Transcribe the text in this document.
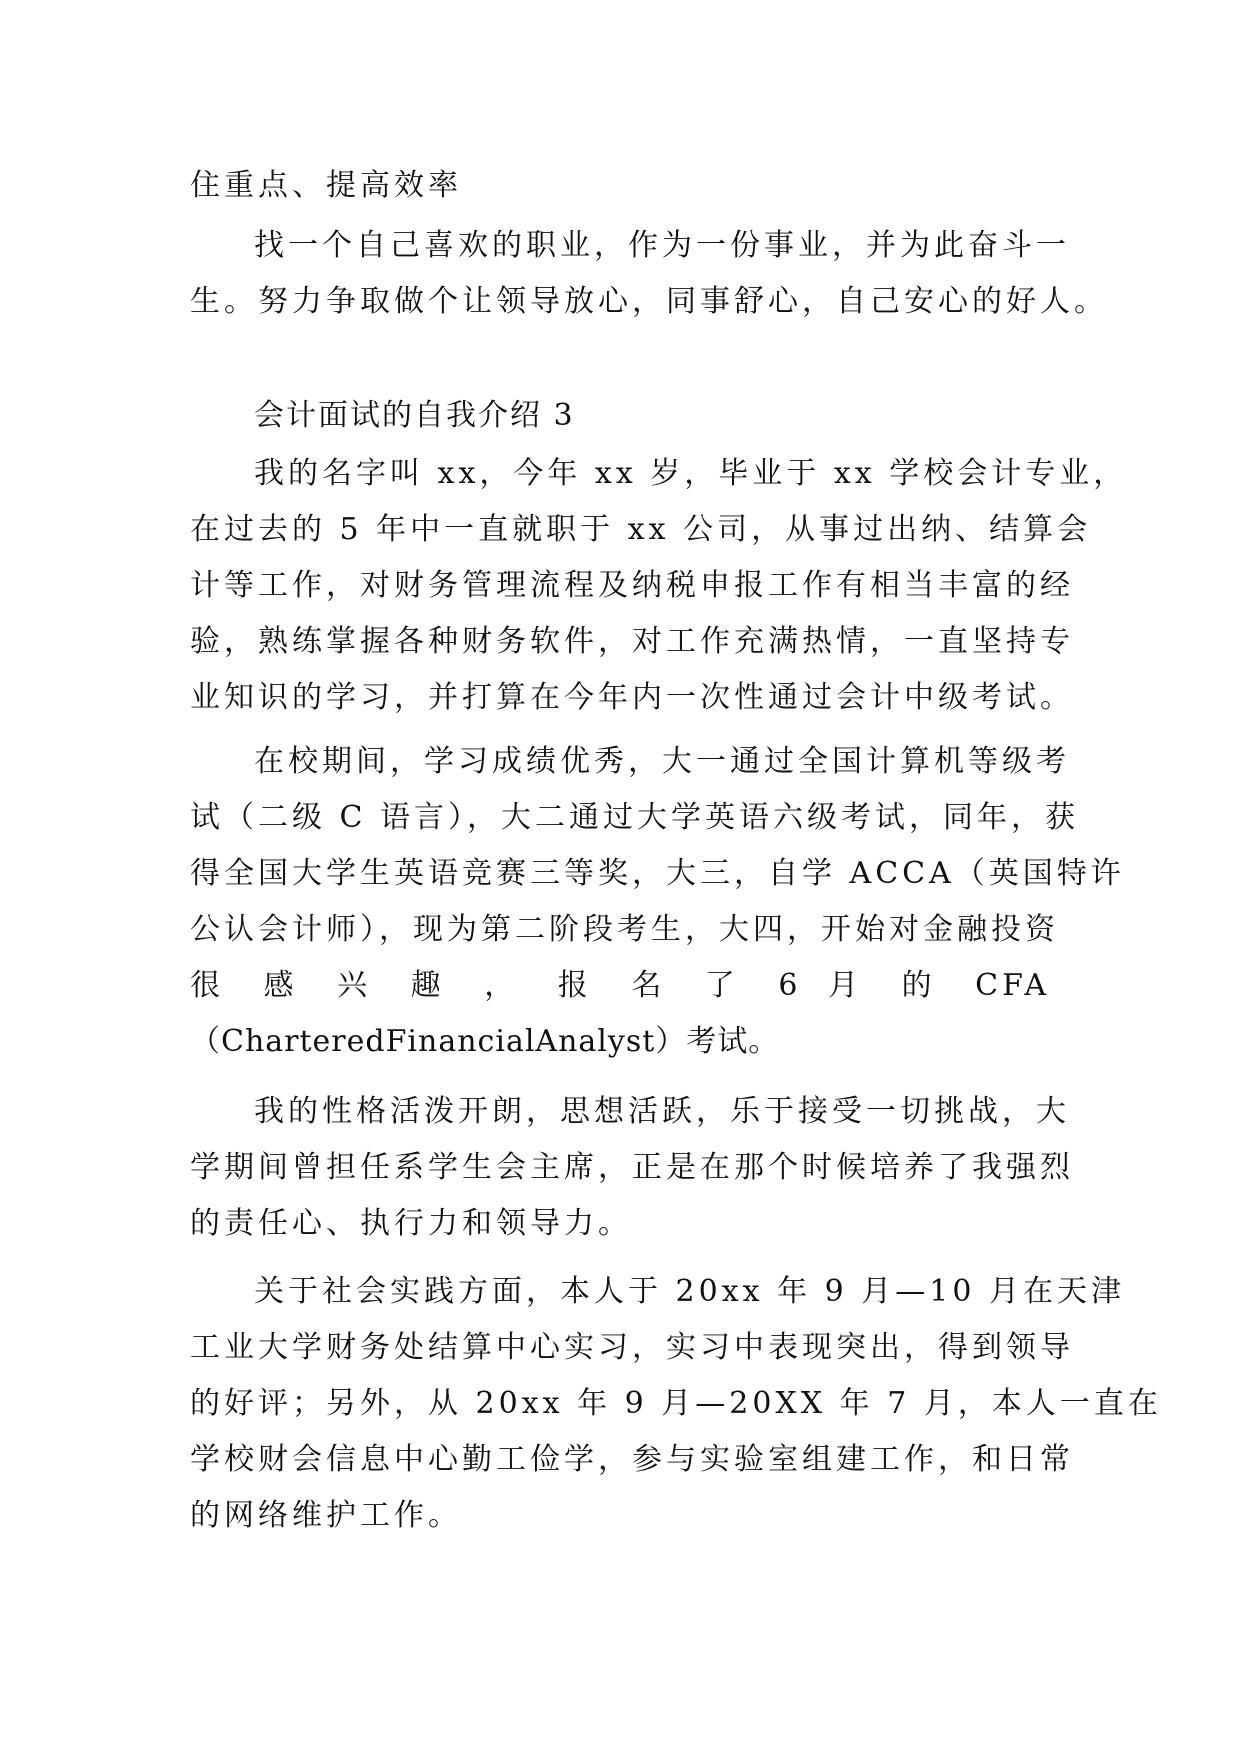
住重点、提高效率
找一个自己喜欢的职业，作为一份事业，并为此奋斗一
生。努力争取做个让领导放心，同事舒心，自己安心的好人。
会计面试的自我介绍 3
我的名字叫 xx，今年 xx 岁，毕业于 xx 学校会计专业，
在过去的 5 年中一直就职于 xx 公司，从事过出纳、结算会
计等工作，对财务管理流程及纳税申报工作有相当丰富的经
验，熟练掌握各种财务软件，对工作充满热情，一直坚持专
业知识的学习，并打算在今年内一次性通过会计中级考试。
在校期间，学习成绩优秀，大一通过全国计算机等级考
试（二级 C 语言），大二通过大学英语六级考试，同年，获
得全国大学生英语竞赛三等奖，大三，自学 ACCA（英国特许
公认会计师），现为第二阶段考生，大四，开始对金融投资
很 感 兴 趣 ， 报 名 了 6 月 的 CFA
（CharteredFinancialAnalyst）考试。
我的性格活泼开朗，思想活跃，乐于接受一切挑战，大
学期间曾担任系学生会主席，正是在那个时候培养了我强烈
的责任心、执行力和领导力。
关于社会实践方面，本人于 20xx 年 9 月—10 月在天津
工业大学财务处结算中心实习，实习中表现突出，得到领导
的好评；另外，从 20xx 年 9 月—20XX 年 7 月，本人一直在
学校财会信息中心勤工俭学，参与实验室组建工作，和日常
的网络维护工作。
